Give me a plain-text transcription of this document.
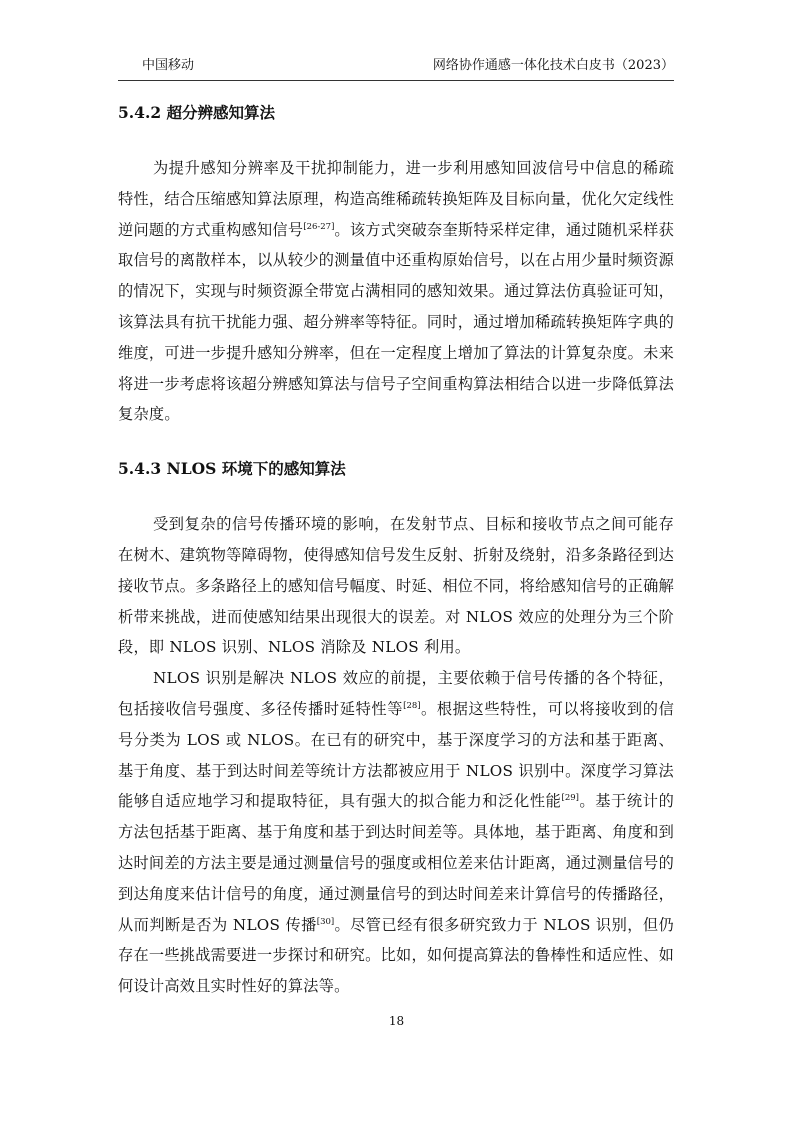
中国移动	网络协作通感一体化技术白皮书（2023）
5.4.2 超分辨感知算法

为提升感知分辨率及干扰抑制能力，进一步利用感知回波信号中信息的稀疏特性，结合压缩感知算法原理，构造高维稀疏转换矩阵及目标向量，优化欠定线性逆问题的方式重构感知信号[26-27]。该方式突破奈奎斯特采样定律，通过随机采样获取信号的离散样本，以从较少的测量值中还重构原始信号，以在占用少量时频资源的情况下，实现与时频资源全带宽占满相同的感知效果。通过算法仿真验证可知，该算法具有抗干扰能力强、超分辨率等特征。同时，通过增加稀疏转换矩阵字典的维度，可进一步提升感知分辨率，但在一定程度上增加了算法的计算复杂度。未来将进一步考虑将该超分辨感知算法与信号子空间重构算法相结合以进一步降低算法复杂度。

5.4.3 NLOS 环境下的感知算法

受到复杂的信号传播环境的影响，在发射节点、目标和接收节点之间可能存在树木、建筑物等障碍物，使得感知信号发生反射、折射及绕射，沿多条路径到达接收节点。多条路径上的感知信号幅度、时延、相位不同，将给感知信号的正确解析带来挑战，进而使感知结果出现很大的误差。对 NLOS 效应的处理分为三个阶段，即 NLOS 识别、NLOS 消除及 NLOS 利用。

NLOS 识别是解决 NLOS 效应的前提，主要依赖于信号传播的各个特征，包括接收信号强度、多径传播时延特性等[28]。根据这些特性，可以将接收到的信号分类为 LOS 或 NLOS。在已有的研究中，基于深度学习的方法和基于距离、基于角度、基于到达时间差等统计方法都被应用于 NLOS 识别中。深度学习算法能够自适应地学习和提取特征，具有强大的拟合能力和泛化性能[29]。基于统计的方法包括基于距离、基于角度和基于到达时间差等。具体地，基于距离、角度和到达时间差的方法主要是通过测量信号的强度或相位差来估计距离，通过测量信号的到达角度来估计信号的角度，通过测量信号的到达时间差来计算信号的传播路径，从而判断是否为 NLOS 传播[30]。尽管已经有很多研究致力于 NLOS 识别，但仍存在一些挑战需要进一步探讨和研究。比如，如何提高算法的鲁棒性和适应性、如何设计高效且实时性好的算法等。

18
